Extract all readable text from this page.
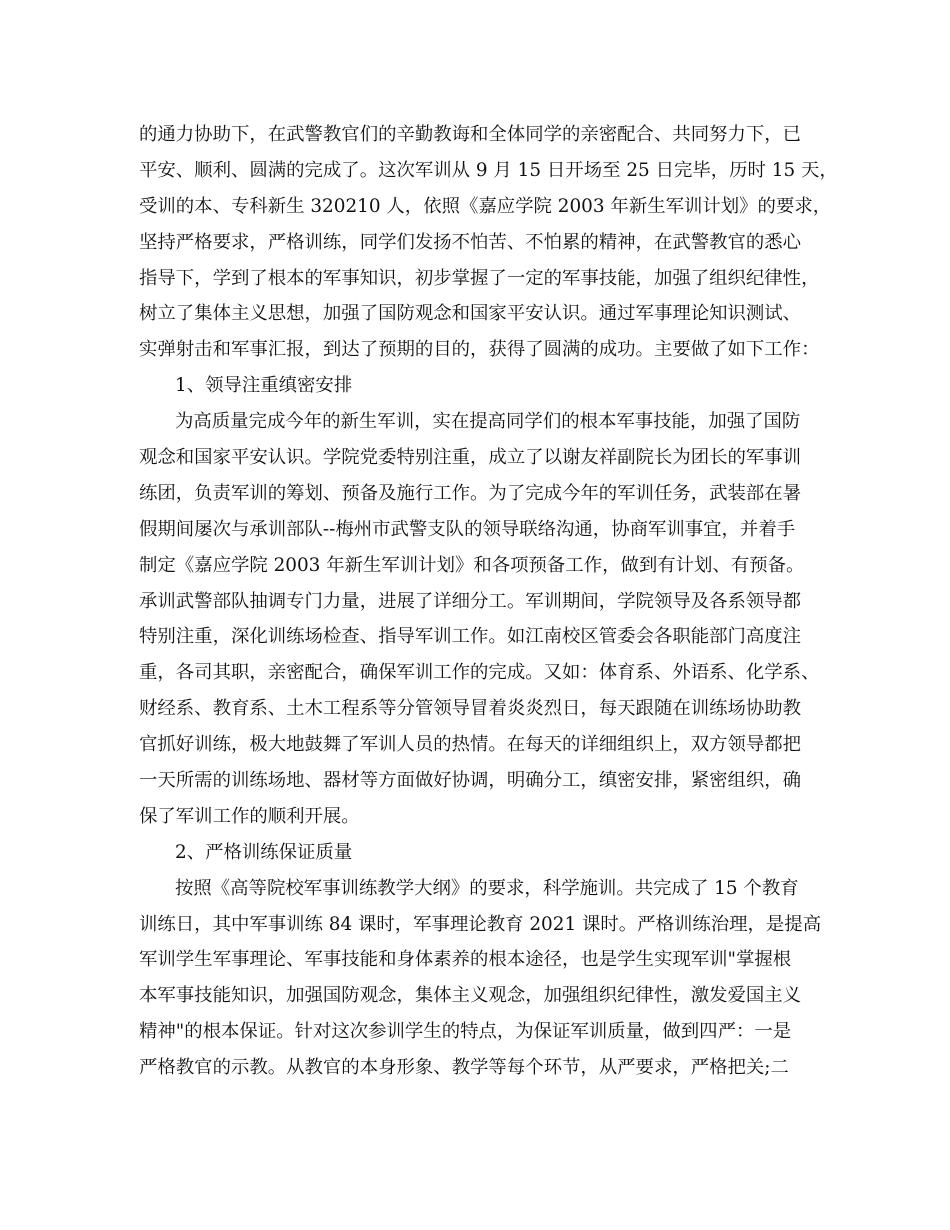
的通力协助下，在武警教官们的辛勤教诲和全体同学的亲密配合、共同努力下，已
平安、顺利、圆满的完成了。这次军训从 9 月 15 日开场至 25 日完毕，历时 15 天，
受训的本、专科新生 320210 人，依照《嘉应学院 2003 年新生军训计划》的要求，
坚持严格要求，严格训练，同学们发扬不怕苦、不怕累的精神，在武警教官的悉心
指导下，学到了根本的军事知识，初步掌握了一定的军事技能，加强了组织纪律性，
树立了集体主义思想，加强了国防观念和国家平安认识。通过军事理论知识测试、
实弹射击和军事汇报，到达了预期的目的，获得了圆满的成功。主要做了如下工作：
1、领导注重缜密安排
为高质量完成今年的新生军训，实在提高同学们的根本军事技能，加强了国防
观念和国家平安认识。学院党委特别注重，成立了以谢友祥副院长为团长的军事训
练团，负责军训的筹划、预备及施行工作。为了完成今年的军训任务，武装部在暑
假期间屡次与承训部队--梅州市武警支队的领导联络沟通，协商军训事宜，并着手
制定《嘉应学院 2003 年新生军训计划》和各项预备工作，做到有计划、有预备。
承训武警部队抽调专门力量，进展了详细分工。军训期间，学院领导及各系领导都
特别注重，深化训练场检查、指导军训工作。如江南校区管委会各职能部门高度注
重，各司其职，亲密配合，确保军训工作的完成。又如：体育系、外语系、化学系、
财经系、教育系、土木工程系等分管领导冒着炎炎烈日，每天跟随在训练场协助教
官抓好训练，极大地鼓舞了军训人员的热情。在每天的详细组织上，双方领导都把
一天所需的训练场地、器材等方面做好协调，明确分工，缜密安排，紧密组织，确
保了军训工作的顺利开展。
2、严格训练保证质量
按照《高等院校军事训练教学大纲》的要求，科学施训。共完成了 15 个教育
训练日，其中军事训练 84 课时，军事理论教育 2021 课时。严格训练治理，是提高
军训学生军事理论、军事技能和身体素养的根本途径，也是学生实现军训"掌握根
本军事技能知识，加强国防观念，集体主义观念，加强组织纪律性，激发爱国主义
精神"的根本保证。针对这次参训学生的特点，为保证军训质量，做到四严：一是
严格教官的示教。从教官的本身形象、教学等每个环节，从严要求，严格把关;二
